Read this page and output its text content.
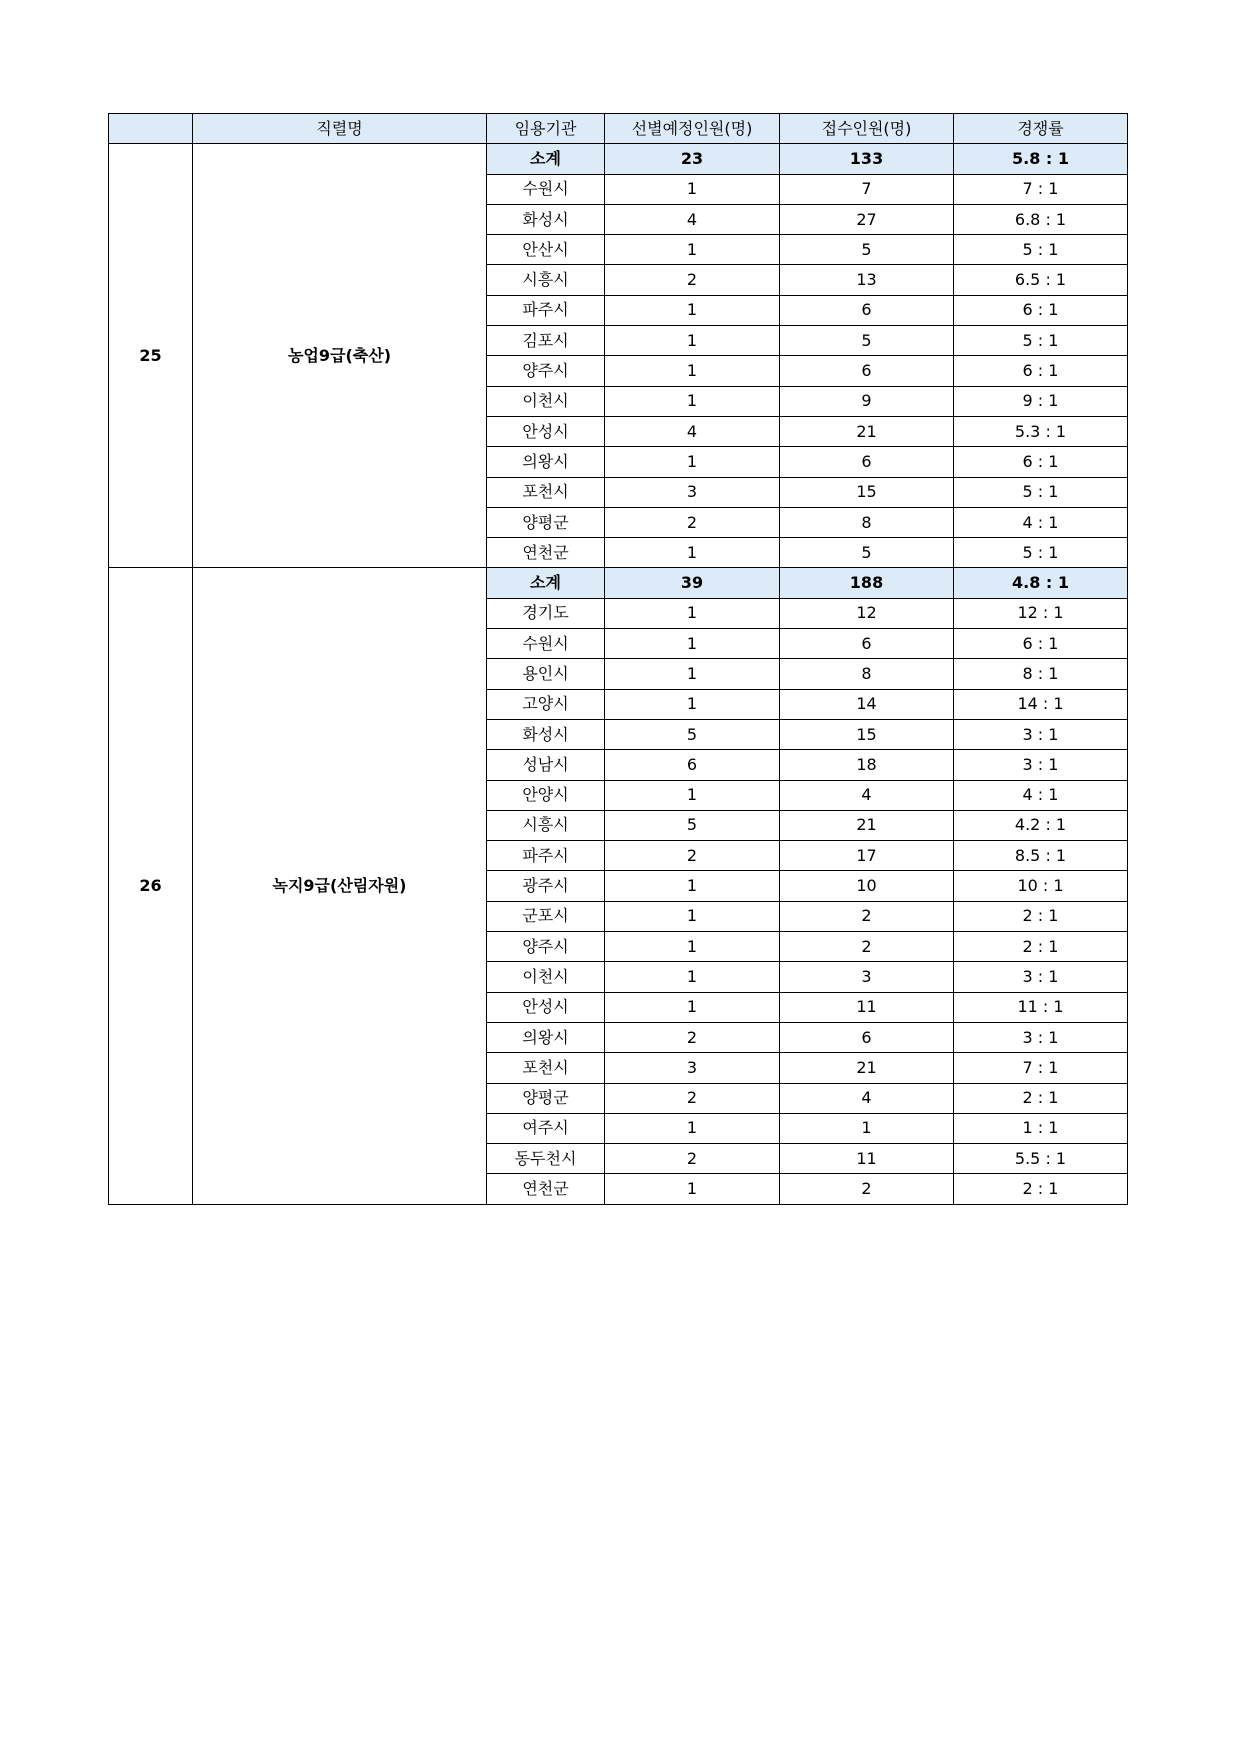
	직렬명	임용기관	선별예정인원(명)	접수인원(명)	경쟁률
25	농업9급(축산)	소계	23	133	5.8 : 1
		수원시	1	7	7 : 1
		화성시	4	27	6.8 : 1
		안산시	1	5	5 : 1
		시흥시	2	13	6.5 : 1
		파주시	1	6	6 : 1
		김포시	1	5	5 : 1
		양주시	1	6	6 : 1
		이천시	1	9	9 : 1
		안성시	4	21	5.3 : 1
		의왕시	1	6	6 : 1
		포천시	3	15	5 : 1
		양평군	2	8	4 : 1
		연천군	1	5	5 : 1
26	녹지9급(산림자원)	소계	39	188	4.8 : 1
		경기도	1	12	12 : 1
		수원시	1	6	6 : 1
		용인시	1	8	8 : 1
		고양시	1	14	14 : 1
		화성시	5	15	3 : 1
		성남시	6	18	3 : 1
		안양시	1	4	4 : 1
		시흥시	5	21	4.2 : 1
		파주시	2	17	8.5 : 1
		광주시	1	10	10 : 1
		군포시	1	2	2 : 1
		양주시	1	2	2 : 1
		이천시	1	3	3 : 1
		안성시	1	11	11 : 1
		의왕시	2	6	3 : 1
		포천시	3	21	7 : 1
		양평군	2	4	2 : 1
		여주시	1	1	1 : 1
		동두천시	2	11	5.5 : 1
		연천군	1	2	2 : 1
